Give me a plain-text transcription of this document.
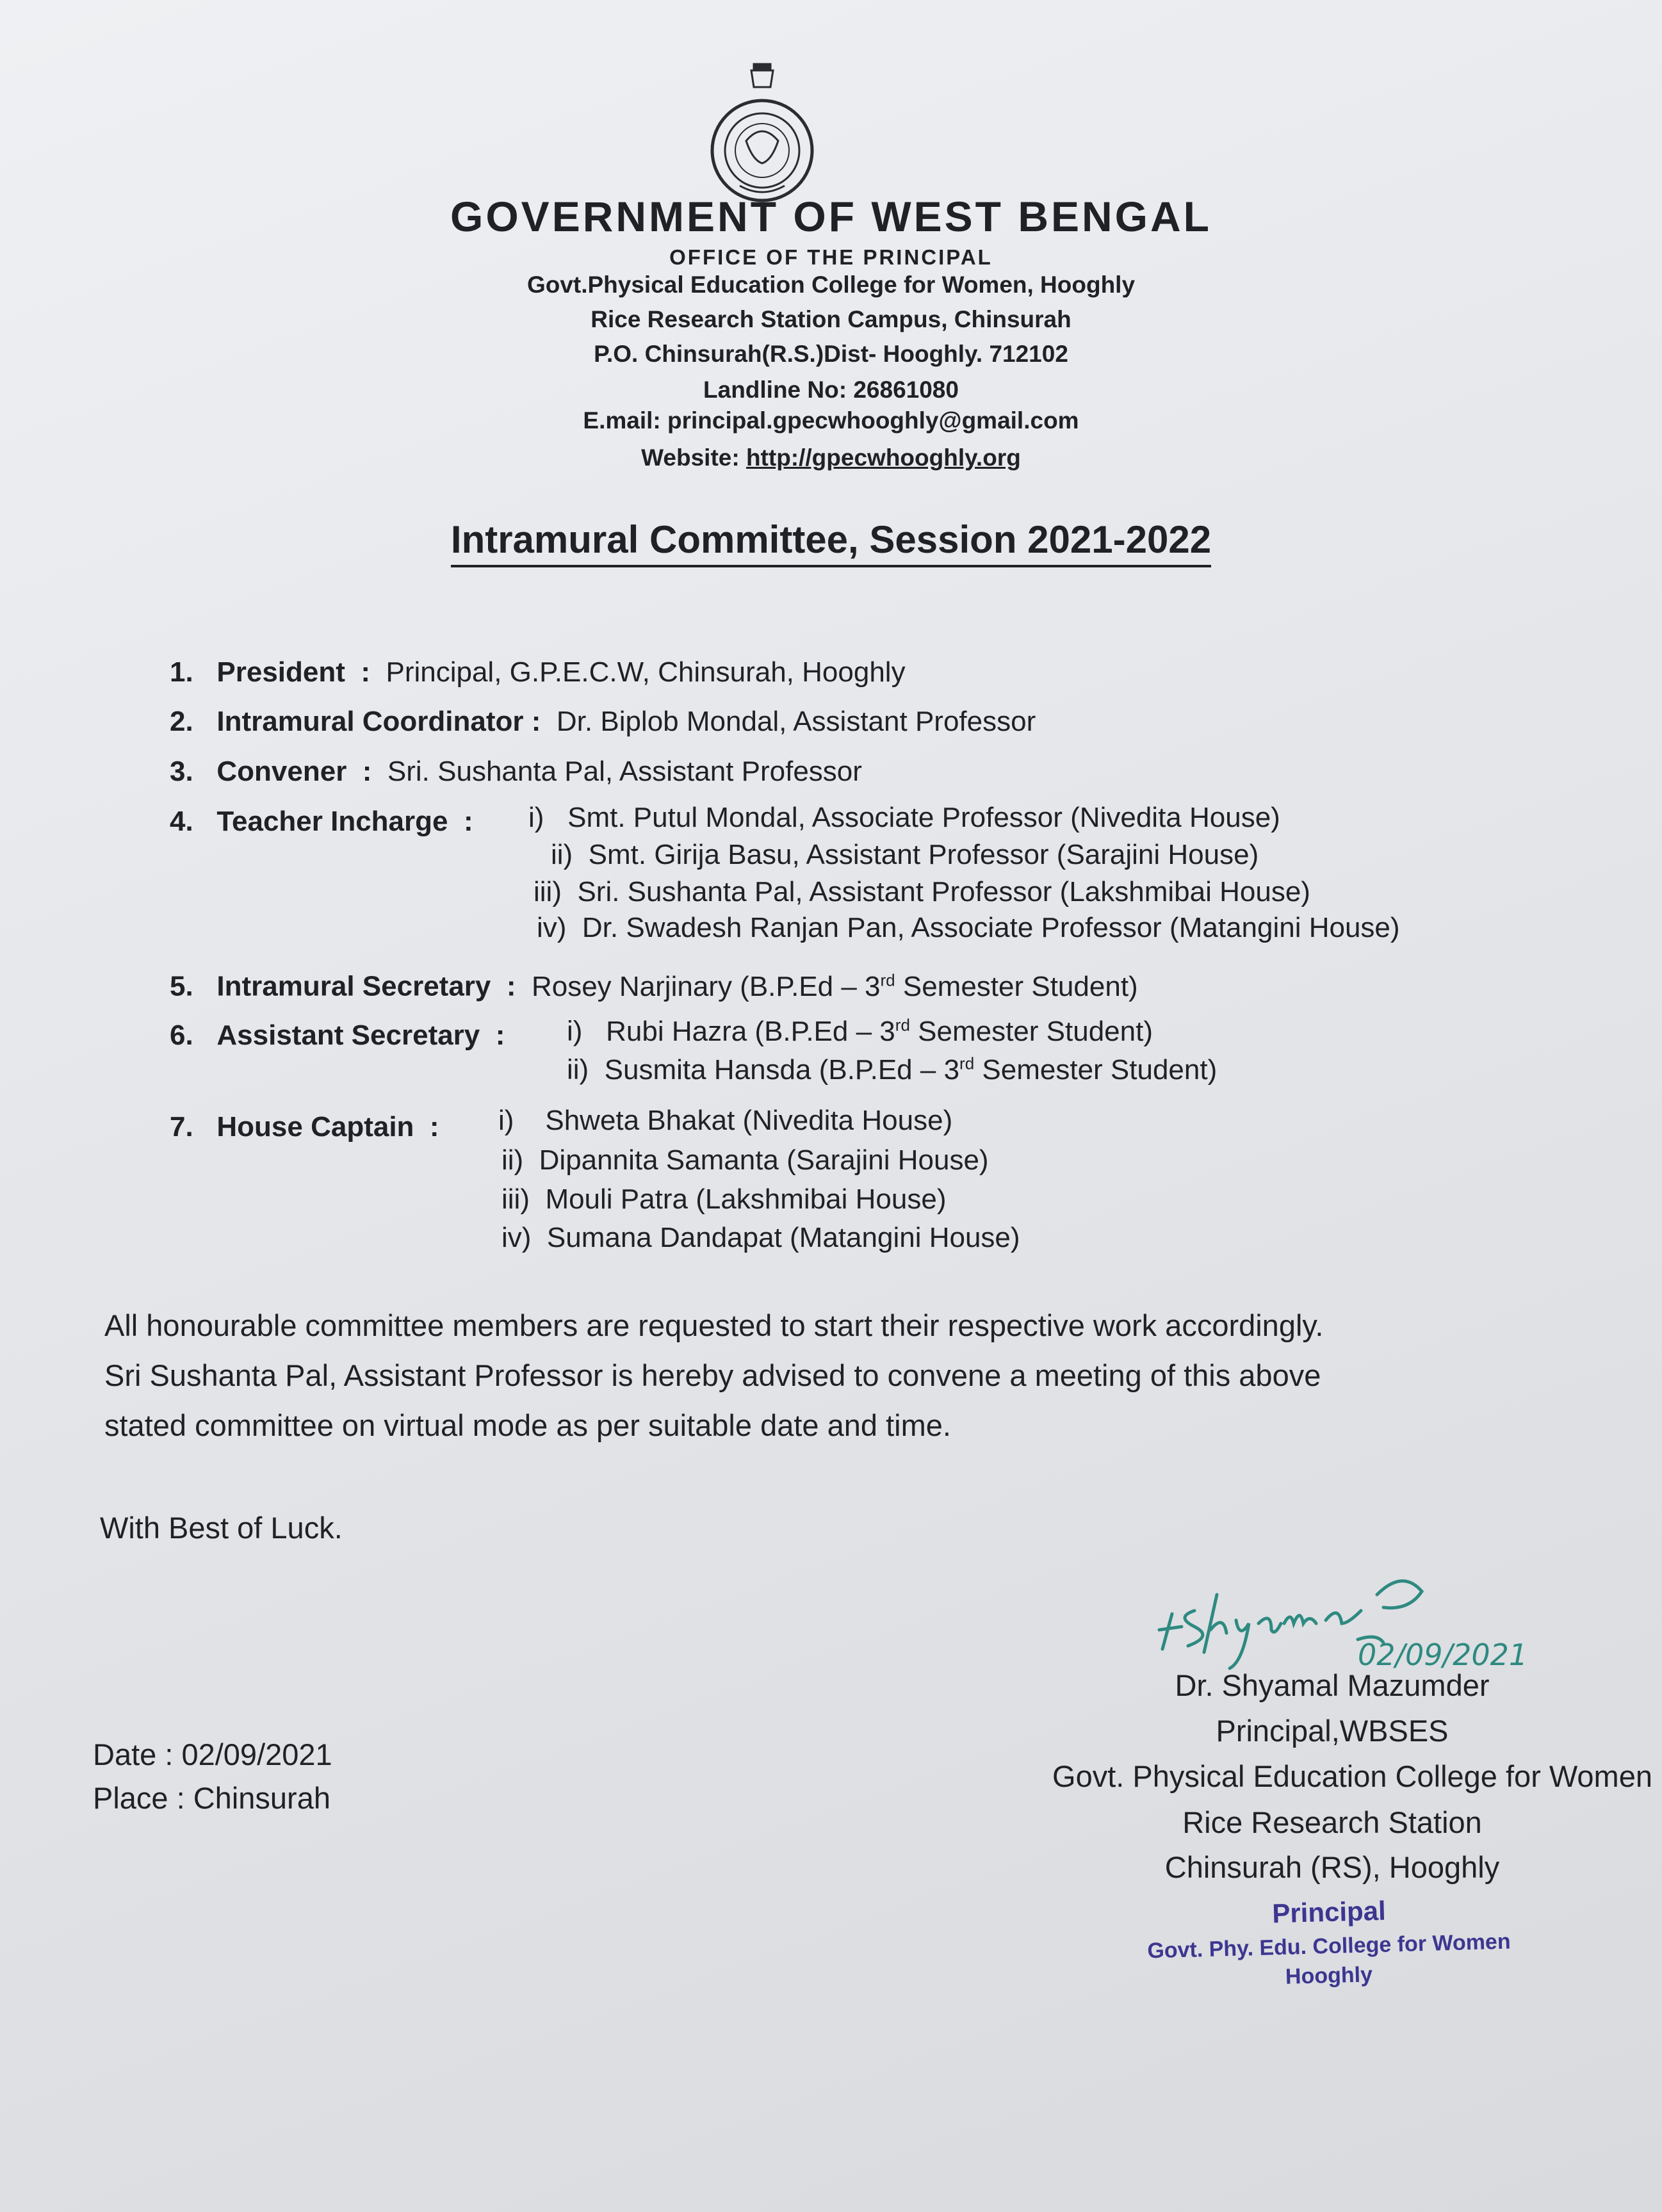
GOVERNMENT OF WEST BENGAL
OFFICE OF THE PRINCIPAL
Govt.Physical Education College for Women, Hooghly
Rice Research Station Campus, Chinsurah
P.O. Chinsurah(R.S.)Dist- Hooghly. 712102
Landline No: 26861080
E.mail: principal.gpecwhooghly@gmail.com
Website: http://gpecwhooghly.org
Intramural Committee, Session 2021-2022
1. President : Principal, G.P.E.C.W, Chinsurah, Hooghly
2. Intramural Coordinator : Dr. Biplob Mondal, Assistant Professor
3. Convener : Sri. Sushanta Pal, Assistant Professor
4. Teacher Incharge : i) Smt. Putul Mondal, Associate Professor (Nivedita House)
ii) Smt. Girija Basu, Assistant Professor (Sarajini House)
iii) Sri. Sushanta Pal, Assistant Professor (Lakshmibai House)
iv) Dr. Swadesh Ranjan Pan, Associate Professor (Matangini House)
5. Intramural Secretary : Rosey Narjinary (B.P.Ed – 3rd Semester Student)
6. Assistant Secretary : i) Rubi Hazra (B.P.Ed – 3rd Semester Student)
ii) Susmita Hansda (B.P.Ed – 3rd Semester Student)
7. House Captain : i) Shweta Bhakat (Nivedita House)
ii) Dipannita Samanta (Sarajini House)
iii) Mouli Patra (Lakshmibai House)
iv) Sumana Dandapat (Matangini House)
All honourable committee members are requested to start their respective work accordingly.
Sri Sushanta Pal, Assistant Professor is hereby advised to convene a meeting of this above
stated committee on virtual mode as per suitable date and time.
With Best of Luck.
02/09/2021
Dr. Shyamal Mazumder
Principal,WBSES
Govt. Physical Education College for Women
Rice Research Station
Chinsurah (RS), Hooghly
Principal
Govt. Phy. Edu. College for Women
Hooghly
Date : 02/09/2021
Place : Chinsurah
